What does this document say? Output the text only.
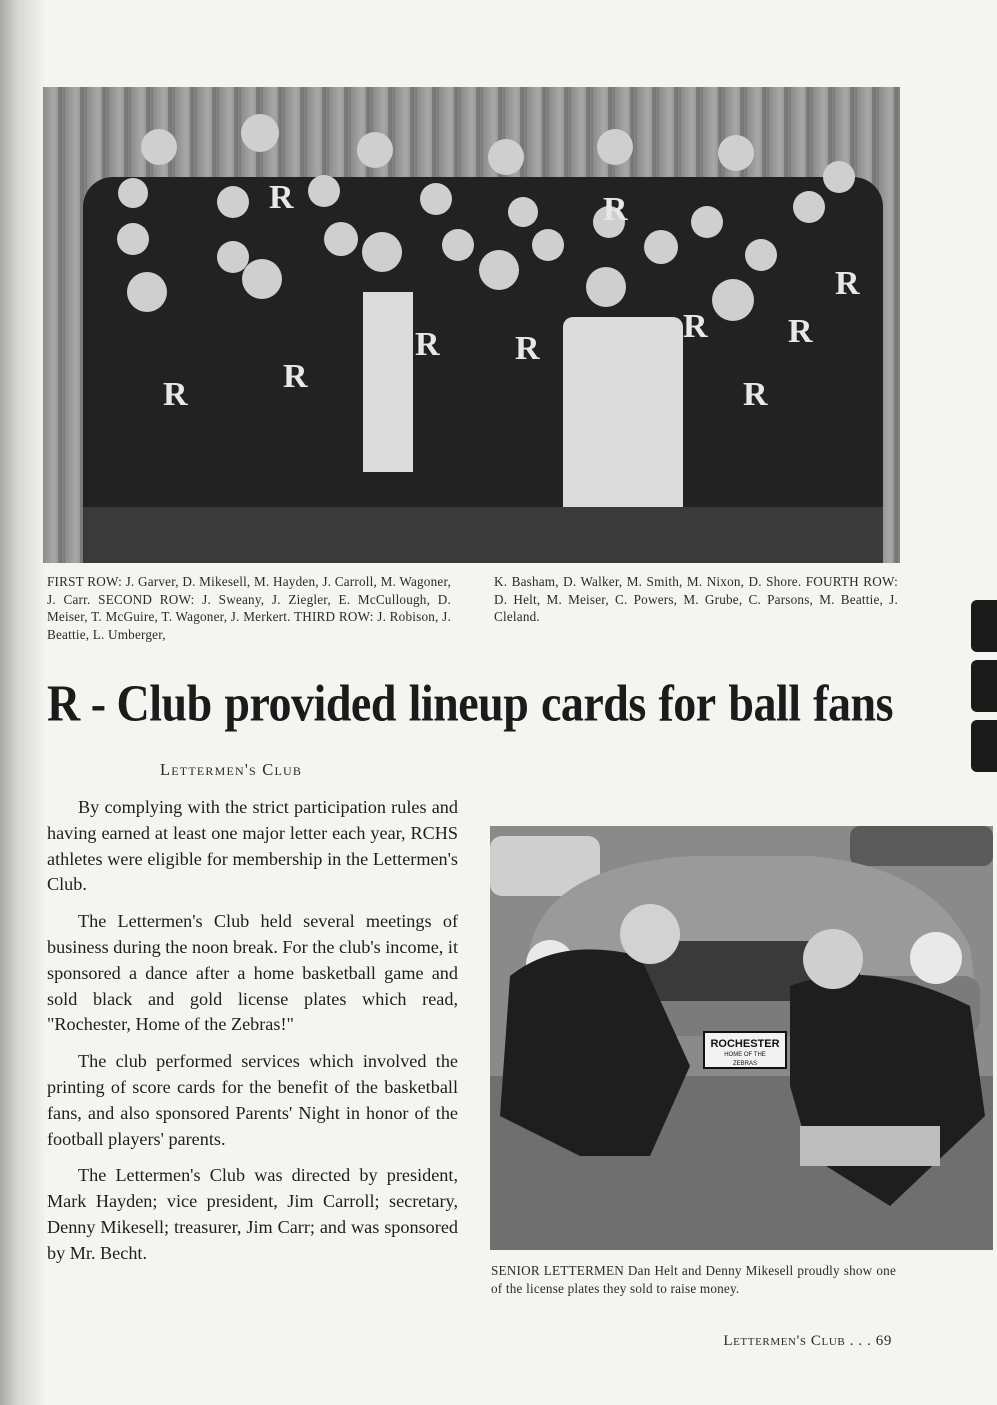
R	R
R R
R
R R
R
R	R
FIRST ROW: J. Garver, D. Mikesell, M. Hayden, J. Carroll, M. Wagoner, J. Carr. SECOND ROW: J. Sweany, J. Ziegler, E. McCullough, D. Meiser, T. McGuire, T. Wagoner, J. Merkert. THIRD ROW: J. Robison, J. Beattie, L. Umberger,
K. Basham, D. Walker, M. Smith, M. Nixon, D. Shore. FOURTH ROW: D. Helt, M. Meiser, C. Powers, M. Grube, C. Parsons, M. Beattie, J. Cleland.
R - Club provided lineup cards for ball fans
Lettermen's Club

By complying with the strict participation rules and having earned at least one major letter each year, RCHS athletes were eligible for membership in the Lettermen's Club.

The Lettermen's Club held several meetings of business during the noon break. For the club's income, it sponsored a dance after a home basketball game and sold black and gold license plates which read, "Rochester, Home of the Zebras!"

The club performed services which involved the printing of score cards for the benefit of the basketball fans, and also sponsored Parents' Night in honor of the football players' parents.

The Lettermen's Club was directed by president, Mark Hayden; vice president, Jim Carroll; secretary, Denny Mikesell; treasurer, Jim Carr; and was sponsored by Mr. Becht.

ROCHESTER
HOME OF THE
ZEBRAS
SENIOR LETTERMEN Dan Helt and Denny Mikesell proudly show one of the license plates they sold to raise money.
Lettermen's Club . . . 69
